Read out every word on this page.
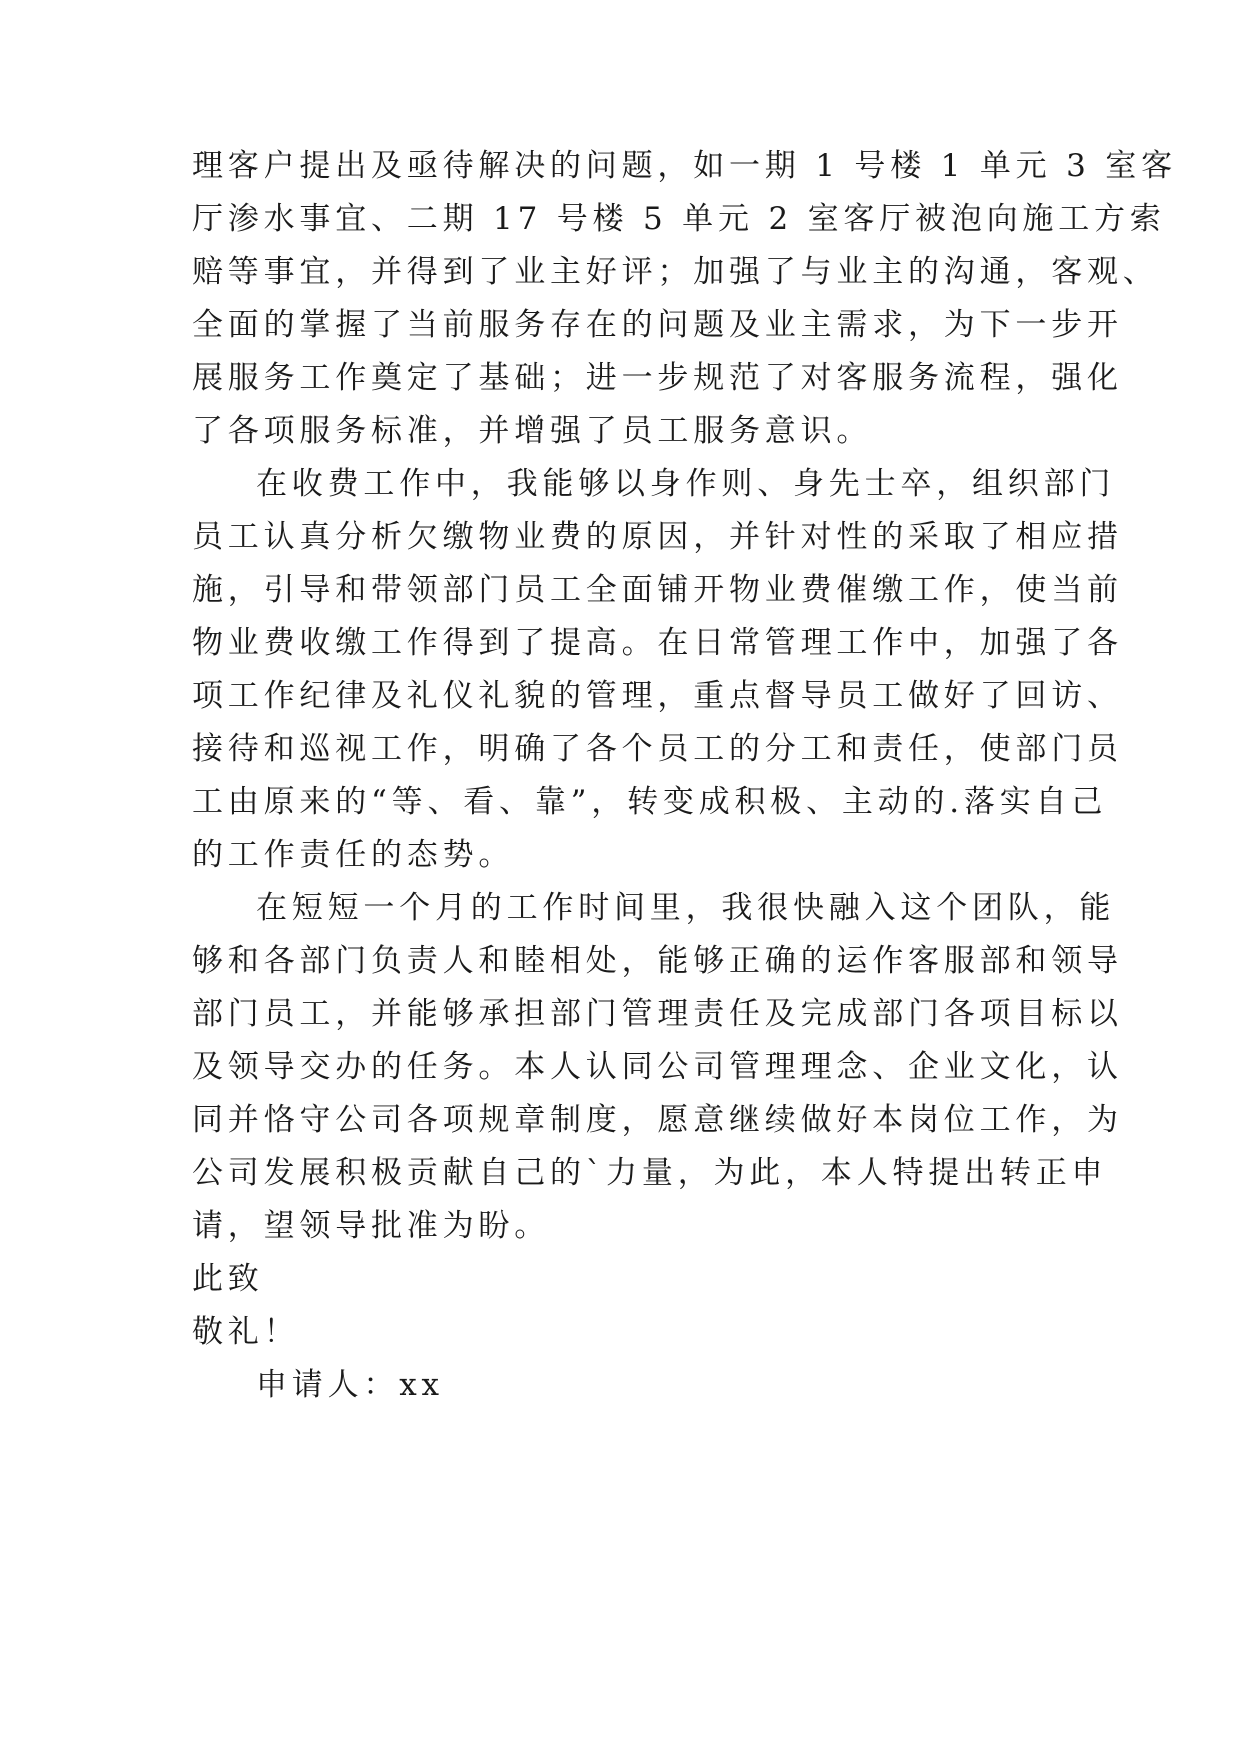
理客户提出及亟待解决的问题，如一期 1 号楼 1 单元 3 室客
厅渗水事宜、二期 17 号楼 5 单元 2 室客厅被泡向施工方索
赔等事宜，并得到了业主好评；加强了与业主的沟通，客观、
全面的掌握了当前服务存在的问题及业主需求，为下一步开
展服务工作奠定了基础；进一步规范了对客服务流程，强化
了各项服务标准，并增强了员工服务意识。
在收费工作中，我能够以身作则、身先士卒，组织部门
员工认真分析欠缴物业费的原因，并针对性的采取了相应措
施，引导和带领部门员工全面铺开物业费催缴工作，使当前
物业费收缴工作得到了提高。在日常管理工作中，加强了各
项工作纪律及礼仪礼貌的管理，重点督导员工做好了回访、
接待和巡视工作，明确了各个员工的分工和责任，使部门员
工由原来的“等、看、靠”，转变成积极、主动的.落实自己
的工作责任的态势。
在短短一个月的工作时间里，我很快融入这个团队，能
够和各部门负责人和睦相处，能够正确的运作客服部和领导
部门员工，并能够承担部门管理责任及完成部门各项目标以
及领导交办的任务。本人认同公司管理理念、企业文化，认
同并恪守公司各项规章制度，愿意继续做好本岗位工作，为
公司发展积极贡献自己的`力量，为此，本人特提出转正申
请，望领导批准为盼。
此致
敬礼！
申请人：xx
